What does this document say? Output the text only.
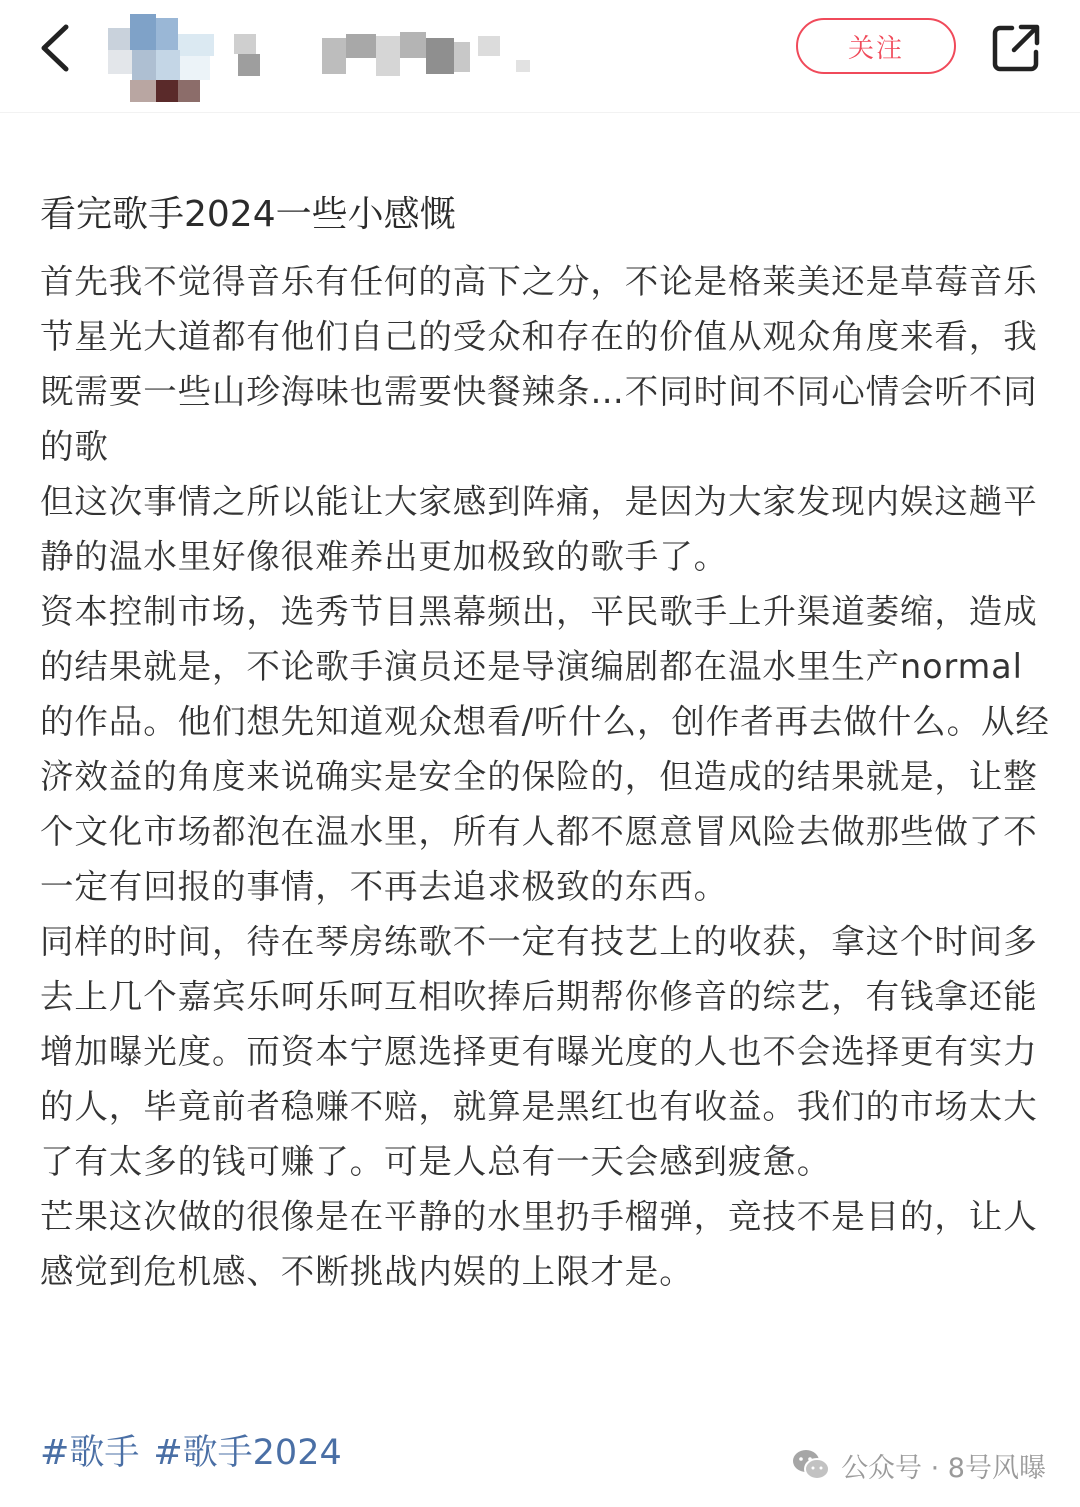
关注
看完歌手2024一些小感慨

首先我不觉得音乐有任何的高下之分，不论是格莱美还是草莓音乐节星光大道都有他们自己的受众和存在的价值从观众角度来看，我既需要一些山珍海味也需要快餐辣条…不同时间不同心情会听不同的歌

但这次事情之所以能让大家感到阵痛，是因为大家发现内娱这趟平静的温水里好像很难养出更加极致的歌手了。

资本控制市场，选秀节目黑幕频出，平民歌手上升渠道萎缩，造成的结果就是，不论歌手演员还是导演编剧都在温水里生产normal的作品。他们想先知道观众想看/听什么，创作者再去做什么。从经济效益的角度来说确实是安全的保险的，但造成的结果就是，让整个文化市场都泡在温水里，所有人都不愿意冒风险去做那些做了不一定有回报的事情，不再去追求极致的东西。

同样的时间，待在琴房练歌不一定有技艺上的收获，拿这个时间多去上几个嘉宾乐呵乐呵互相吹捧后期帮你修音的综艺，有钱拿还能增加曝光度。而资本宁愿选择更有曝光度的人也不会选择更有实力的人，毕竟前者稳赚不赔，就算是黑红也有收益。我们的市场太大了有太多的钱可赚了。可是人总有一天会感到疲惫。

芒果这次做的很像是在平静的水里扔手榴弹，竞技不是目的，让人感觉到危机感、不断挑战内娱的上限才是。

#歌手 #歌手2024	公众号 · 8号风曝
